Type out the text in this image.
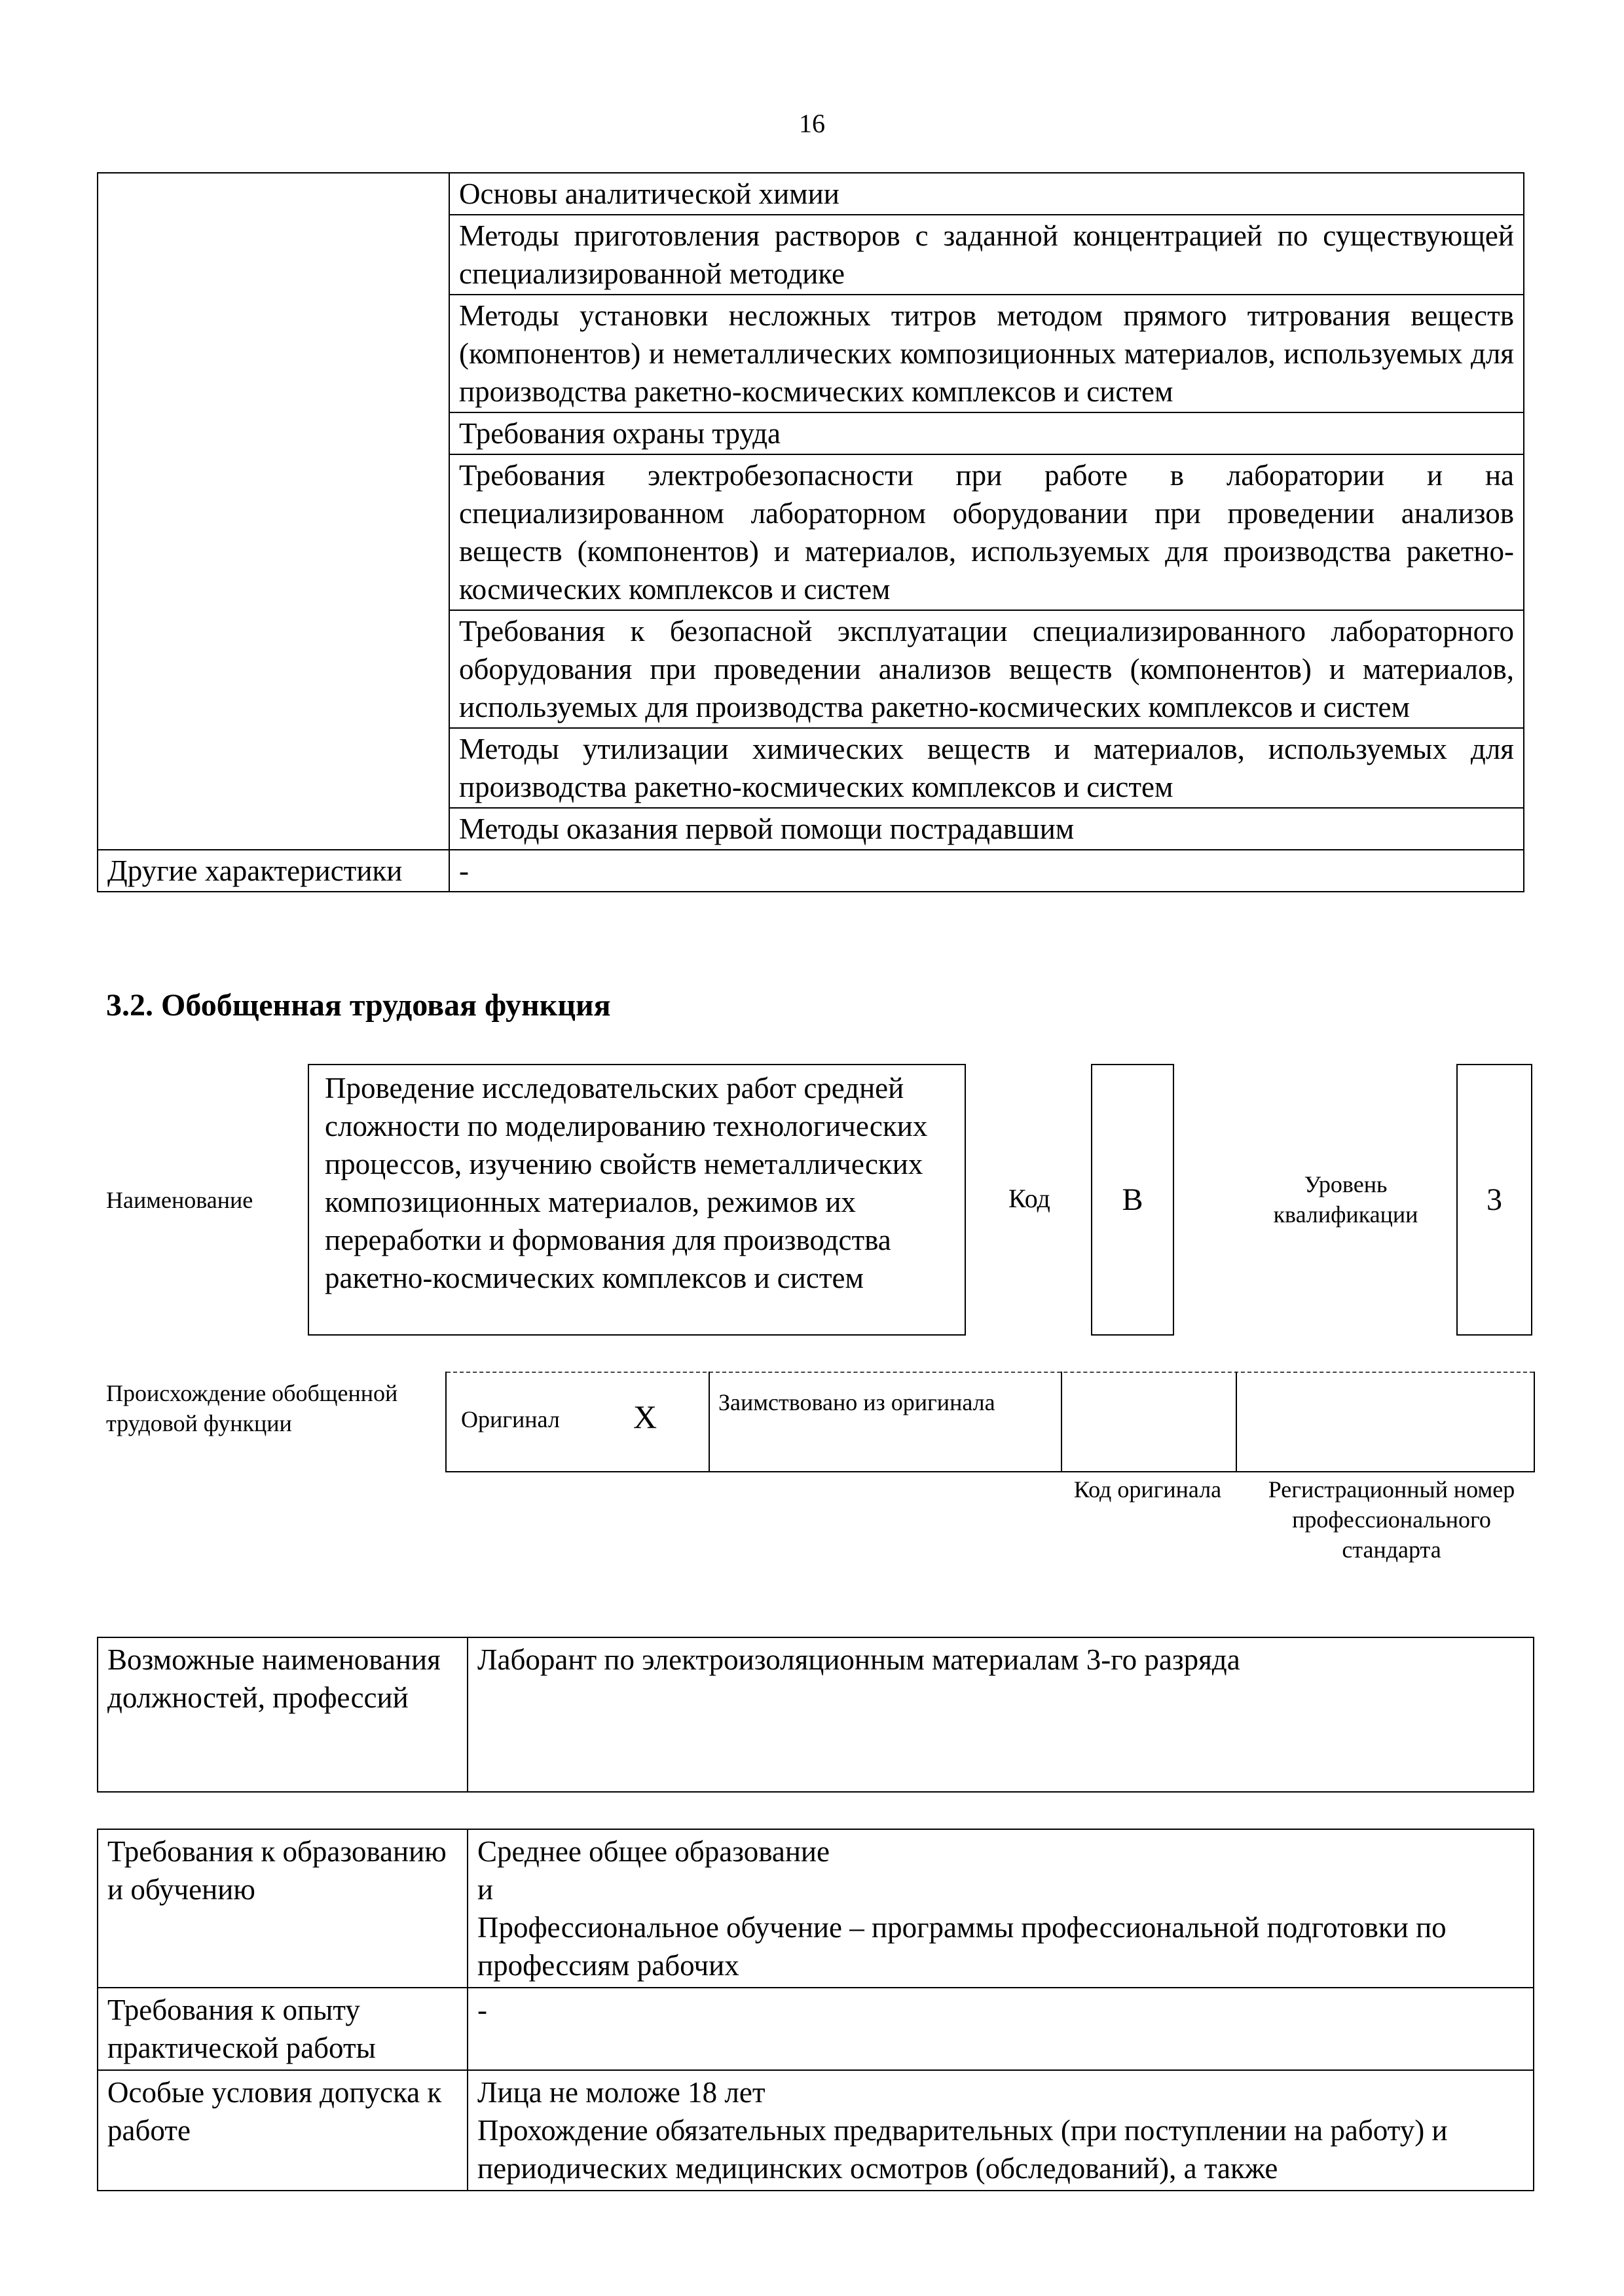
16
	Основы аналитической химии
	Методы приготовления растворов с заданной концентрацией по существующей специализированной методике
	Методы установки несложных титров методом прямого титрования веществ (компонентов) и неметаллических композиционных материалов, используемых для производства ракетно-космических комплексов и систем
	Требования охраны труда
	Требования электробезопасности при работе в лаборатории и на специализированном лабораторном оборудовании при проведении анализов веществ (компонентов) и материалов, используемых для производства ракетно-космических комплексов и систем
	Требования к безопасной эксплуатации специализированного лабораторного оборудования при проведении анализов веществ (компонентов) и материалов, используемых для производства ракетно-космических комплексов и систем
	Методы утилизации химических веществ и материалов, используемых для производства ракетно-космических комплексов и систем
	Методы оказания первой помощи пострадавшим
Другие характеристики	-
3.2. Обобщенная трудовая функция
Наименование
Проведение исследовательских работ средней сложности по моделированию технологических процессов, изучению свойств неметаллических композиционных материалов, режимов их переработки и формования для производства ракетно-космических комплексов и систем
Код	B	Уровень квалификации	3
Происхождение обобщенной трудовой функции	Оригинал X	Заимствовано из оригинала
Код оригинала	Регистрационный номер профессионального стандарта
Возможные наименования должностей, профессий	Лаборант по электроизоляционным материалам 3-го разряда
Требования к образованию и обучению	Среднее общее образование
и
Профессиональное обучение – программы профессиональной подготовки по профессиям рабочих

Требования к опыту практической работы	-
Особые условия допуска к работе	Лица не моложе 18 лет
Прохождение обязательных предварительных (при поступлении на работу) и периодических медицинских осмотров (обследований), а также
